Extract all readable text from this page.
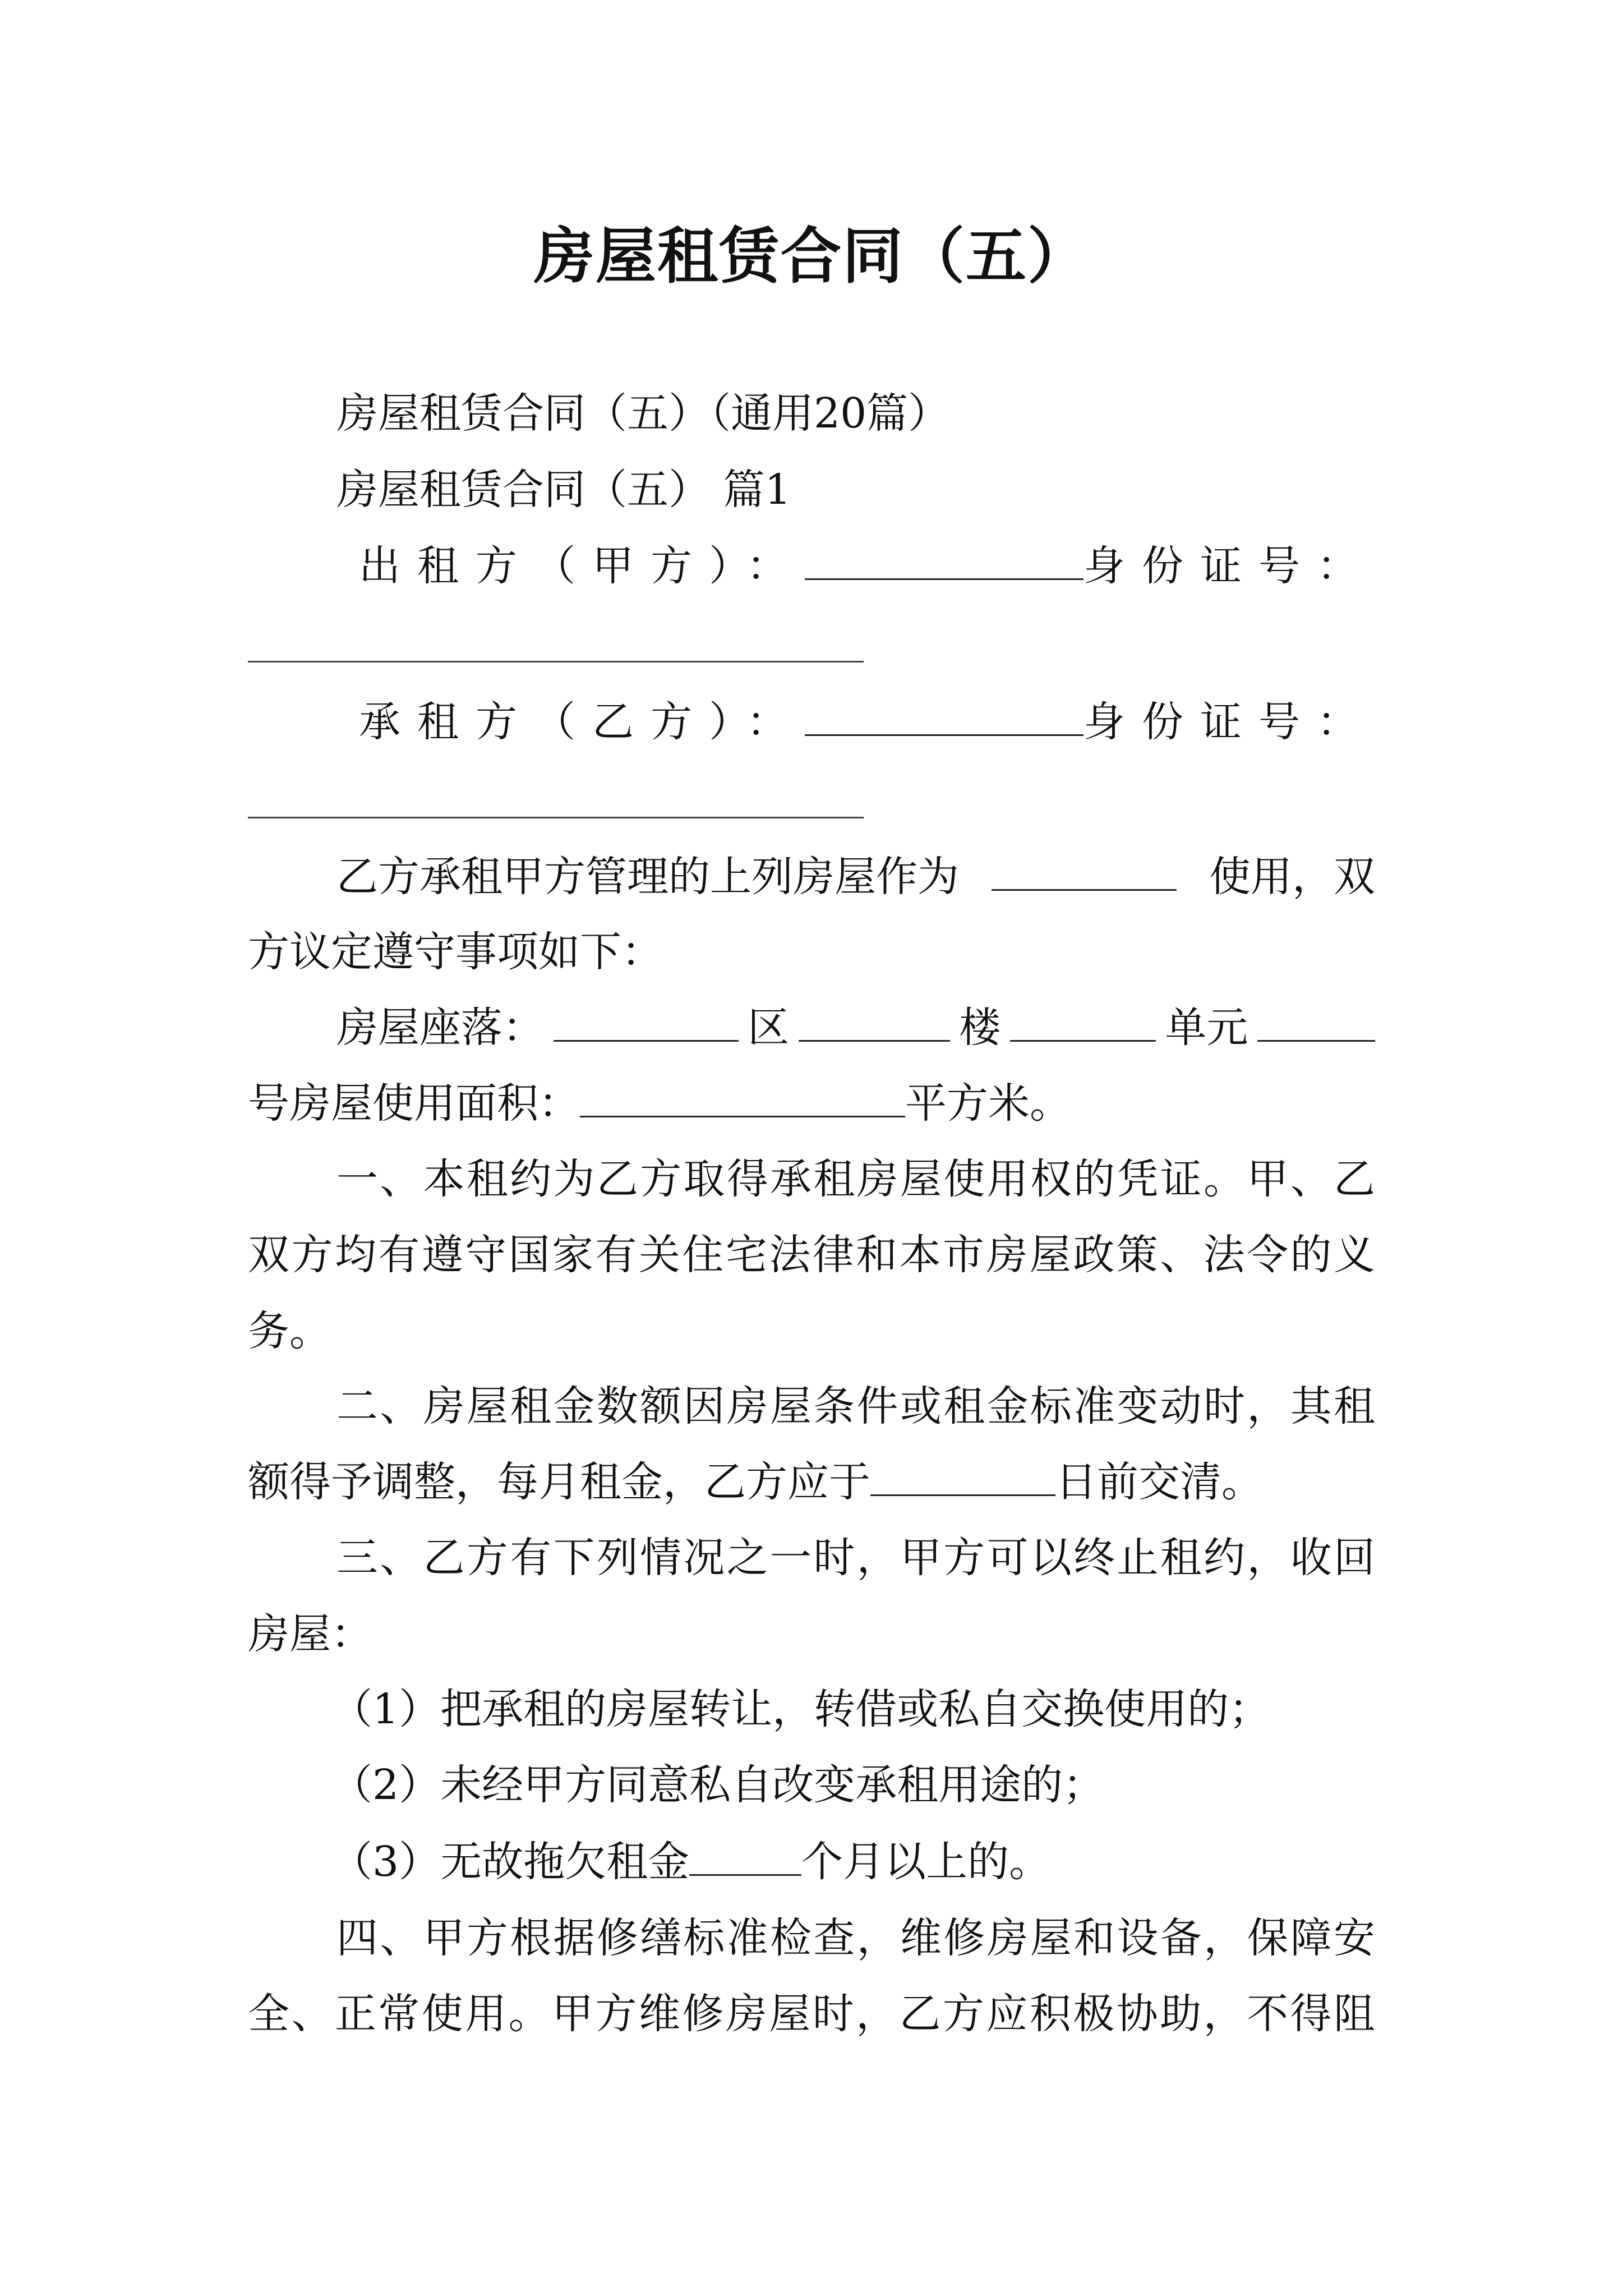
房屋租赁合同（五）
房屋租赁合同（五）（通用20篇）
房屋租赁合同（五） 篇1
出租方（甲方）：	身份证号：
承租方（乙方）：	身份证号：
乙方承租甲方管理的上列房屋作为	使用，双
方议定遵守事项如下：
房屋座落：	区	楼	单元
号房屋使用面积：	平方米。
一、本租约为乙方取得承租房屋使用权的凭证。甲、乙
双方均有遵守国家有关住宅法律和本市房屋政策、法令的义
务。
二、房屋租金数额因房屋条件或租金标准变动时，其租
额得予调整，每月租金，乙方应于	日前交清。
三、乙方有下列情况之一时，甲方可以终止租约，收回
房屋：
（1）把承租的房屋转让，转借或私自交换使用的；
（2）未经甲方同意私自改变承租用途的；
（3）无故拖欠租金	个月以上的。
四、甲方根据修缮标准检查，维修房屋和设备，保障安
全、正常使用。甲方维修房屋时，乙方应积极协助，不得阻
